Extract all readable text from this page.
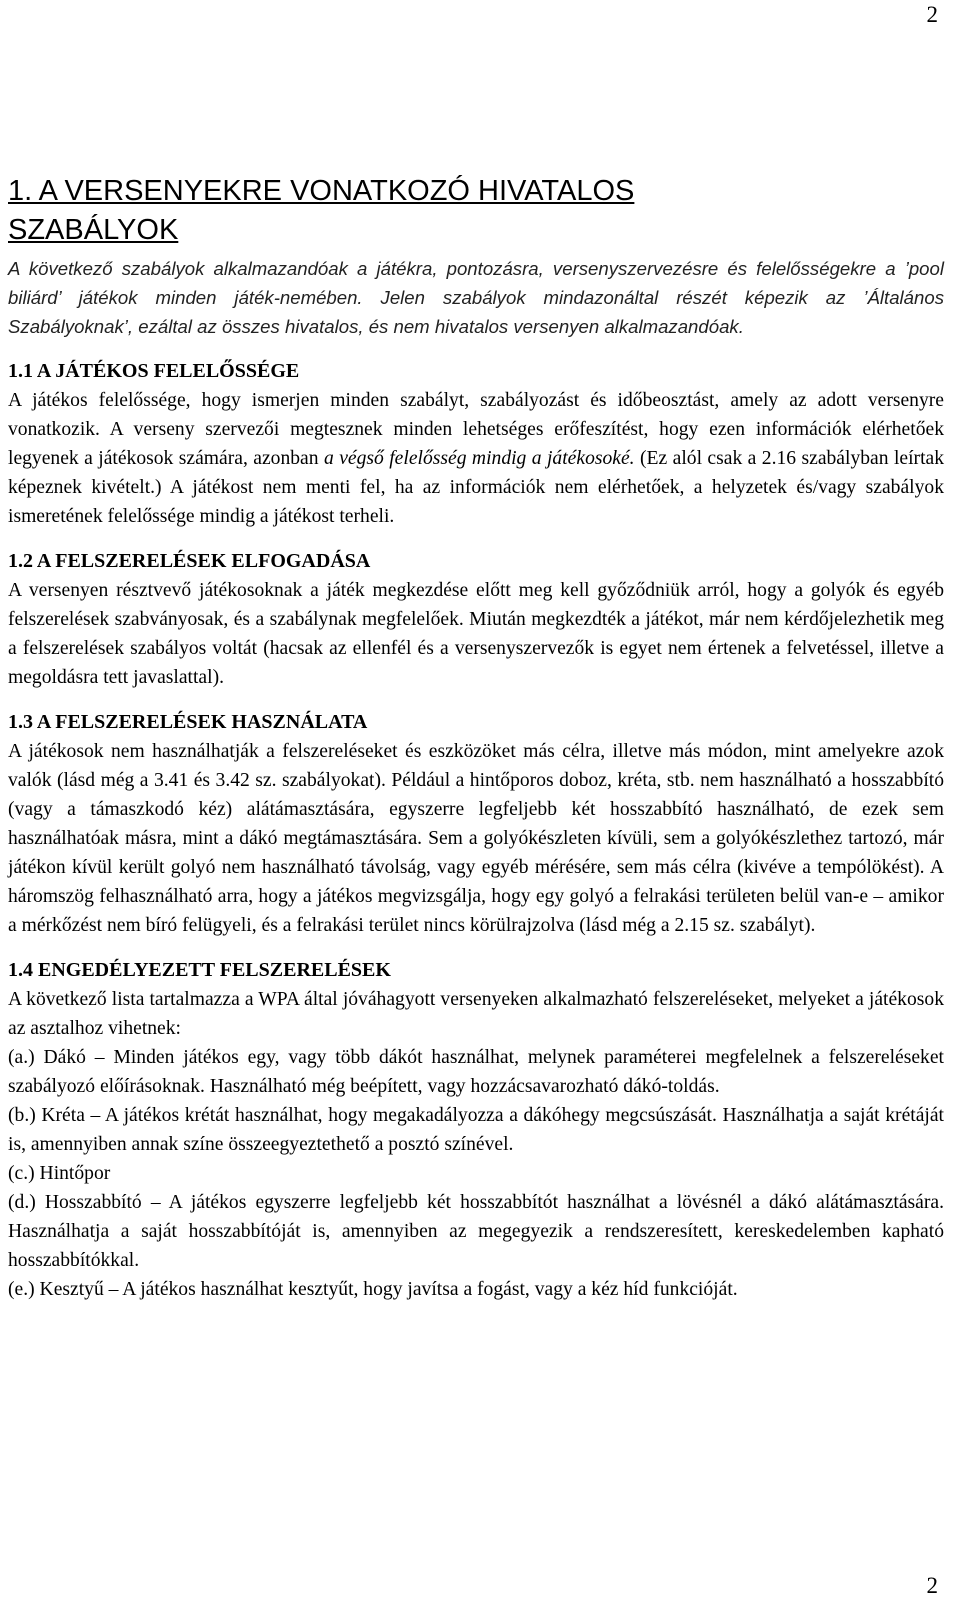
2
1. A VERSENYEKRE VONATKOZÓ HIVATALOS
SZABÁLYOK

A következő szabályok alkalmazandóak a játékra, pontozásra, versenyszervezésre és felelősségekre a ’pool biliárd’ játékok minden játék-nemében. Jelen szabályok mindazonáltal részét képezik az ’Általános Szabályoknak’, ezáltal az összes hivatalos, és nem hivatalos versenyen alkalmazandóak.

1.1 A JÁTÉKOS FELELŐSSÉGE

A játékos felelőssége, hogy ismerjen minden szabályt, szabályozást és időbeosztást, amely az adott versenyre vonatkozik. A verseny szervezői megtesznek minden lehetséges erőfeszítést, hogy ezen információk elérhetőek legyenek a játékosok számára, azonban a végső felelősség mindig a játékosoké. (Ez alól csak a 2.16 szabályban leírtak képeznek kivételt.) A játékost nem menti fel, ha az információk nem elérhetőek, a helyzetek és/vagy szabályok ismeretének felelőssége mindig a játékost terheli.

1.2 A FELSZERELÉSEK ELFOGADÁSA

A versenyen résztvevő játékosoknak a játék megkezdése előtt meg kell győződniük arról, hogy a golyók és egyéb felszerelések szabványosak, és a szabálynak megfelelőek. Miután megkezdték a játékot, már nem kérdőjelezhetik meg a felszerelések szabályos voltát (hacsak az ellenfél és a versenyszervezők is egyet nem értenek a felvetéssel, illetve a megoldásra tett javaslattal).

1.3 A FELSZERELÉSEK HASZNÁLATA

A játékosok nem használhatják a felszereléseket és eszközöket más célra, illetve más módon, mint amelyekre azok valók (lásd még a 3.41 és 3.42 sz. szabályokat). Például a hintőporos doboz, kréta, stb. nem használható a hosszabbító (vagy a támaszkodó kéz) alátámasztására, egyszerre legfeljebb két hosszabbító használható, de ezek sem használhatóak másra, mint a dákó megtámasztására. Sem a golyókészleten kívüli, sem a golyókészlethez tartozó, már játékon kívül került golyó nem használható távolság, vagy egyéb mérésére, sem más célra (kivéve a tempólökést). A háromszög felhasználható arra, hogy a játékos megvizsgálja, hogy egy golyó a felrakási területen belül van-e – amikor a mérkőzést nem bíró felügyeli, és a felrakási terület nincs körülrajzolva (lásd még a 2.15 sz. szabályt).

1.4 ENGEDÉLYEZETT FELSZERELÉSEK

A következő lista tartalmazza a WPA által jóváhagyott versenyeken alkalmazható felszereléseket, melyeket a játékosok az asztalhoz vihetnek:

(a.) Dákó – Minden játékos egy, vagy több dákót használhat, melynek paraméterei megfelelnek a felszereléseket szabályozó előírásoknak. Használható még beépített, vagy hozzácsavarozható dákó-toldás.

(b.) Kréta – A játékos krétát használhat, hogy megakadályozza a dákóhegy megcsúszását. Használhatja a saját krétáját is, amennyiben annak színe összeegyeztethető a posztó színével.

(c.) Hintőpor

(d.) Hosszabbító – A játékos egyszerre legfeljebb két hosszabbítót használhat a lövésnél a dákó alátámasztására. Használhatja a saját hosszabbítóját is, amennyiben az megegyezik a rendszeresített, kereskedelemben kapható hosszabbítókkal.

(e.) Kesztyű – A játékos használhat kesztyűt, hogy javítsa a fogást, vagy a kéz híd funkcióját.

2
